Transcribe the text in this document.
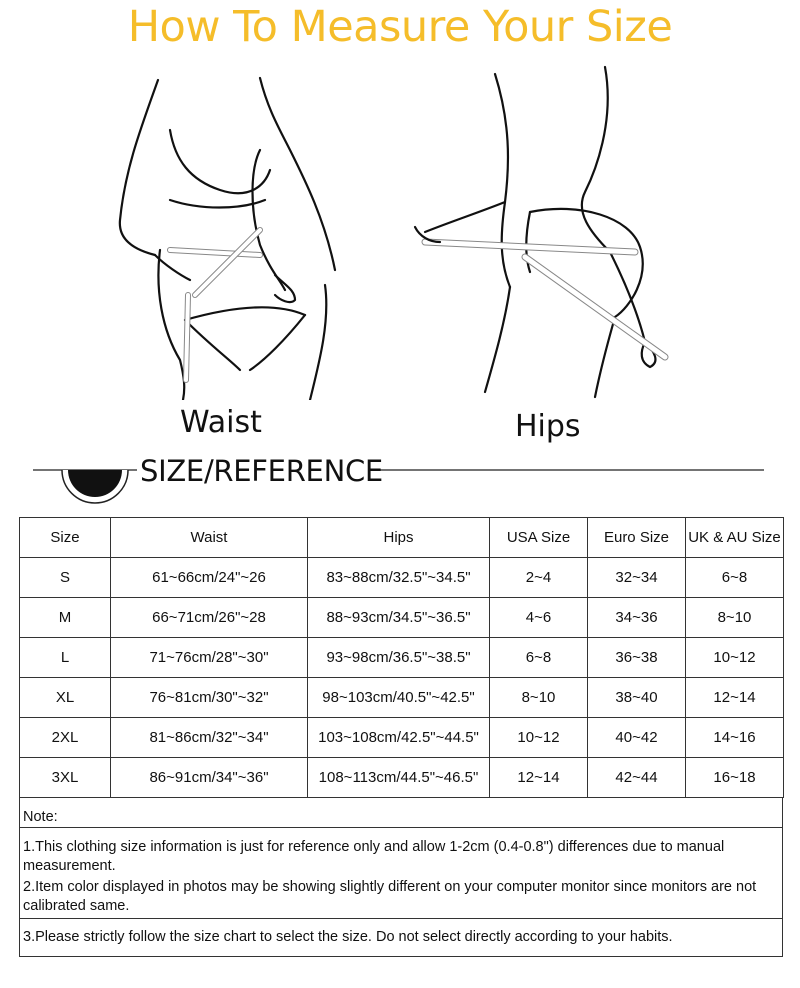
How To Measure Your Size
Waist	Hips
SIZE/REFERENCE
Size	Waist	Hips	USA Size	Euro Size	UK & AU Size
S	61~66cm/24"~26	83~88cm/32.5"~34.5"	2~4	32~34	6~8
M	66~71cm/26"~28	88~93cm/34.5"~36.5"	4~6	34~36	8~10
L	71~76cm/28"~30"	93~98cm/36.5"~38.5"	6~8	36~38	10~12
XL	76~81cm/30"~32"	98~103cm/40.5"~42.5"	8~10	38~40	12~14
2XL	81~86cm/32"~34"	103~108cm/42.5"~44.5"	10~12	40~42	14~16
3XL	86~91cm/34"~36"	108~113cm/44.5"~46.5"	12~14	42~44	16~18
Note:
1.This clothing size information is just for reference only and allow 1-2cm (0.4-0.8") differences due to manual measurement.
2.Item color displayed in photos may be showing slightly different on your computer monitor since monitors are not calibrated same.
3.Please strictly follow the size chart to select the size. Do not select directly according to your habits.
